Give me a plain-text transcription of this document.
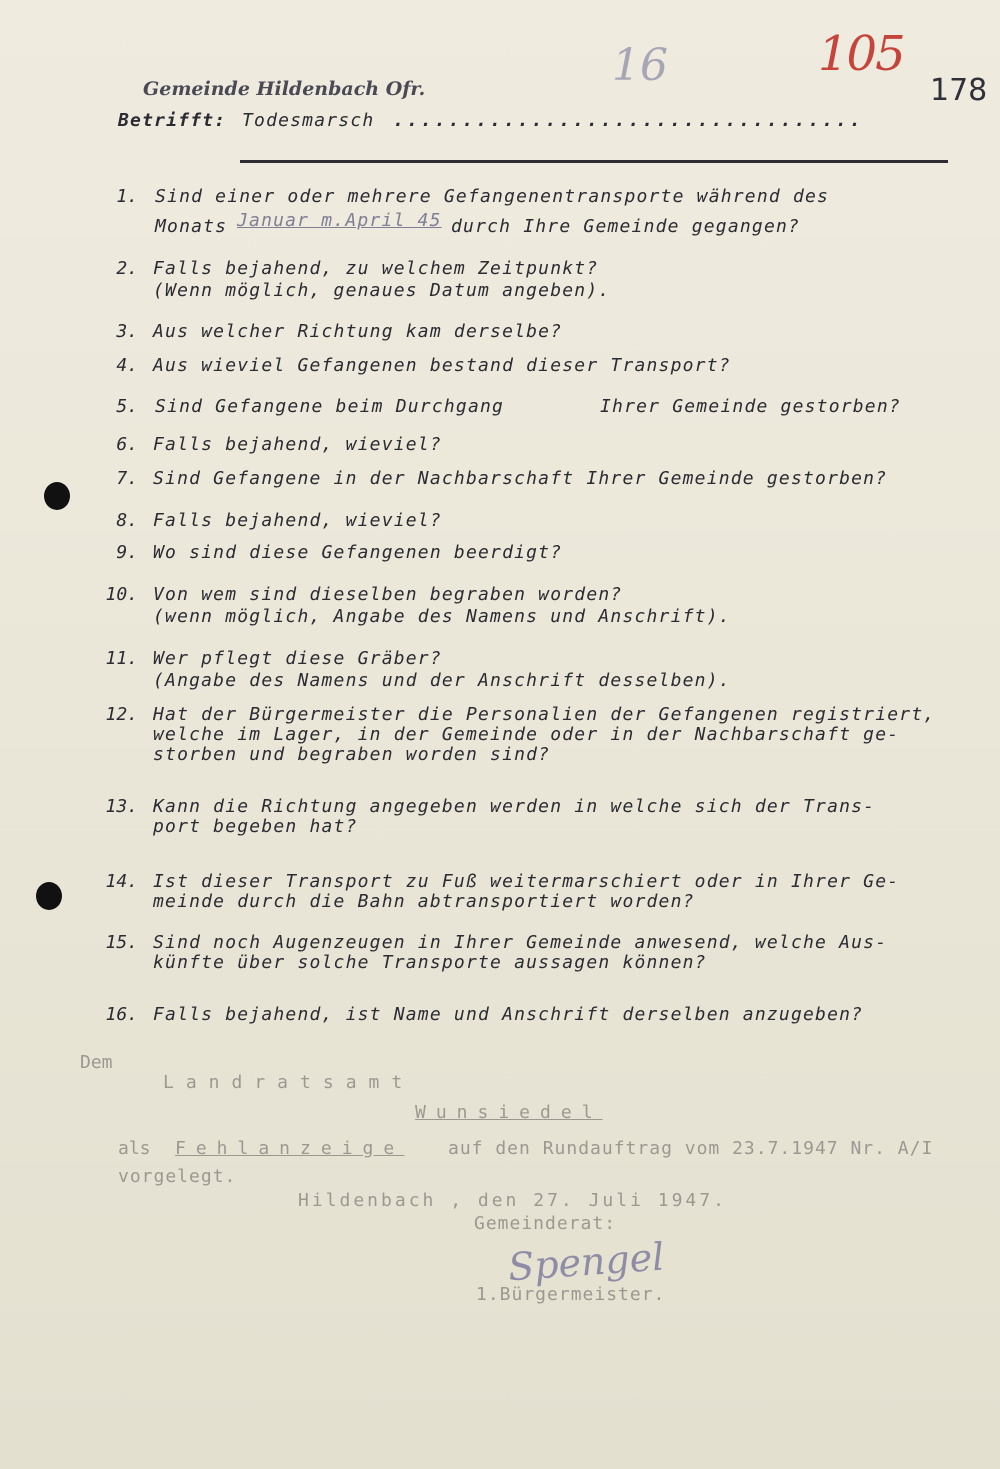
Gemeinde Hildenbach Ofr.	16	105
178
Betrifft: Todesmarsch ..................................
1. Sind einer oder mehrere Gefangenentransporte während des
Monats Januar m.April 45 durch Ihre Gemeinde gegangen?
2. Falls bejahend, zu welchem Zeitpunkt?
(Wenn möglich, genaues Datum angeben).
3. Aus welcher Richtung kam derselbe?
4. Aus wieviel Gefangenen bestand dieser Transport?
5. Sind Gefangene beim Durchgang	Ihrer Gemeinde gestorben?
6. Falls bejahend, wieviel?
7. Sind Gefangene in der Nachbarschaft Ihrer Gemeinde gestorben?
8. Falls bejahend, wieviel?
9. Wo sind diese Gefangenen beerdigt?
10. Von wem sind dieselben begraben worden?
(wenn möglich, Angabe des Namens und Anschrift).
11. Wer pflegt diese Gräber?
(Angabe des Namens und der Anschrift desselben).
12. Hat der Bürgermeister die Personalien der Gefangenen registriert,
welche im Lager, in der Gemeinde oder in der Nachbarschaft ge-
storben und begraben worden sind?
13. Kann die Richtung angegeben werden in welche sich der Trans-
port begeben hat?
14. Ist dieser Transport zu Fuß weitermarschiert oder in Ihrer Ge-
meinde durch die Bahn abtransportiert worden?
15. Sind noch Augenzeugen in Ihrer Gemeinde anwesend, welche Aus-
künfte über solche Transporte aussagen können?
16. Falls bejahend, ist Name und Anschrift derselben anzugeben?
Dem
Landratsamt
Wunsiedel
als Fehlanzeige auf den Rundauftrag vom 23.7.1947 Nr. A/I
vorgelegt.
Hildenbach , den 27. Juli 1947.
Gemeinderat:
Spengel
1.Bürgermeister.
